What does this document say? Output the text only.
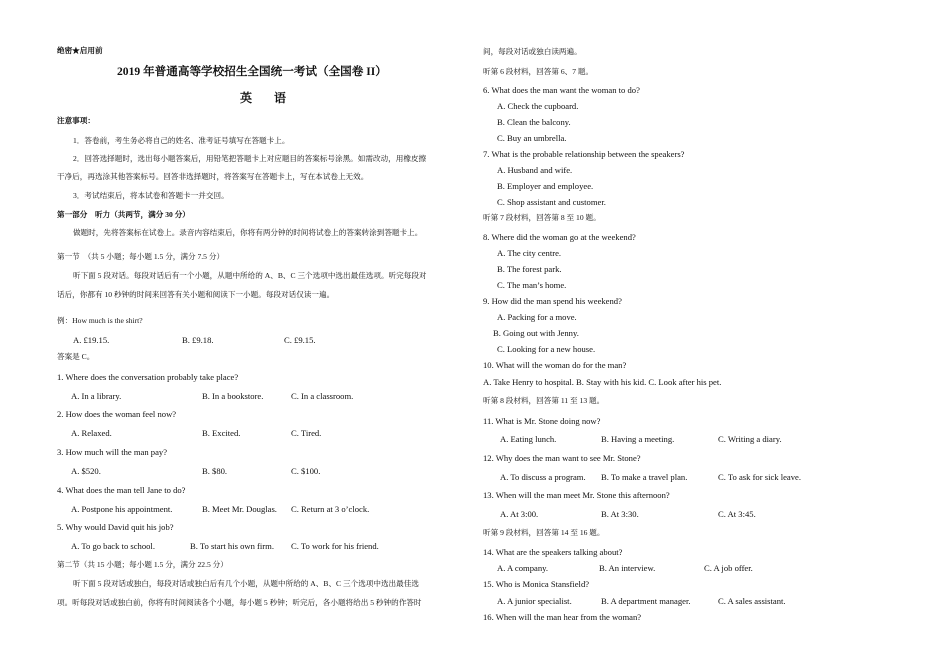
绝密★启用前
2019 年普通高等学校招生全国统一考试（全国卷 II）
英语
注意事项：
1．答卷前，考生务必将自己的姓名、准考证号填写在答题卡上。
2．回答选择题时，选出每小题答案后，用铅笔把答题卡上对应题目的答案标号涂黑。如需改动，用橡皮擦
干净后，再选涂其他答案标号。回答非选择题时，将答案写在答题卡上，写在本试卷上无效。
3．考试结束后，将本试卷和答题卡一并交回。
第一部分　听力（共两节，满分 30 分）
做题时，先将答案标在试卷上。录音内容结束后，你将有两分钟的时间将试卷上的答案转涂到答题卡上。
第一节　（共 5 小题；每小题 1.5 分，满分 7.5 分）
听下面 5 段对话。每段对话后有一个小题，从题中所给的 A、B、C 三个选项中选出最佳选项。听完每段对
话后，你都有 10 秒钟的时间来回答有关小题和阅读下一小题。每段对话仅读一遍。
例：How much is the shirt?
A. £19.15.	B. £9.18.	C. £9.15.
答案是 C。
1. Where does the conversation probably take place?
A. In a library.	B. In a bookstore.	C. In a classroom.
2. How does the woman feel now?
A. Relaxed.	B. Excited.	C. Tired.
3. How much will the man pay?
A. $520.	B. $80.	C. $100.
4. What does the man tell Jane to do?
A. Postpone his appointment.	B. Meet Mr. Douglas. C. Return at 3 o’clock.
5. Why would David quit his job?
A. To go back to school.	B. To start his own firm. C. To work for his friend.
第二节（共 15 小题；每小题 1.5 分，满分 22.5 分）
听下面 5 段对话或独白，每段对话或独白后有几个小题，从题中所给的 A、B、C 三个选项中选出最佳选
项。听每段对话或独白前，你将有时间阅读各个小题，每小题 5 秒钟；听完后，各小题将给出 5 秒钟的作答时
间，每段对话或独白读两遍。
听第 6 段材料，回答第 6、7 题。
6. What does the man want the woman to do?
A. Check the cupboard.
B. Clean the balcony.
C. Buy an umbrella.
7. What is the probable relationship between the speakers?
A. Husband and wife.
B. Employer and employee.
C. Shop assistant and customer.
听第 7 段材料，回答第 8 至 10 题。
8. Where did the woman go at the weekend?
A. The city centre.
B. The forest park.
C. The man’s home.
9. How did the man spend his weekend?
A. Packing for a move.
B. Going out with Jenny.
C. Looking for a new house.
10. What will the woman do for the man?
A. Take Henry to hospital. B. Stay with his kid. C. Look after his pet.
听第 8 段材料，回答第 11 至 13 题。
11. What is Mr. Stone doing now?
A. Eating lunch.	B. Having a meeting.	C. Writing a diary.
12. Why does the man want to see Mr. Stone?
A. To discuss a program. B. To make a travel plan.	C. To ask for sick leave.
13. When will the man meet Mr. Stone this afternoon?
A. At 3:00.	B. At 3:30.	C. At 3:45.
听第 9 段材料，回答第 14 至 16 题。
14. What are the speakers talking about?
A. A company.	B. An interview.	C. A job offer.
15. Who is Monica Stansfield?
A. A junior specialist.	B. A department manager.	C. A sales assistant.
16. When will the man hear from the woman?
